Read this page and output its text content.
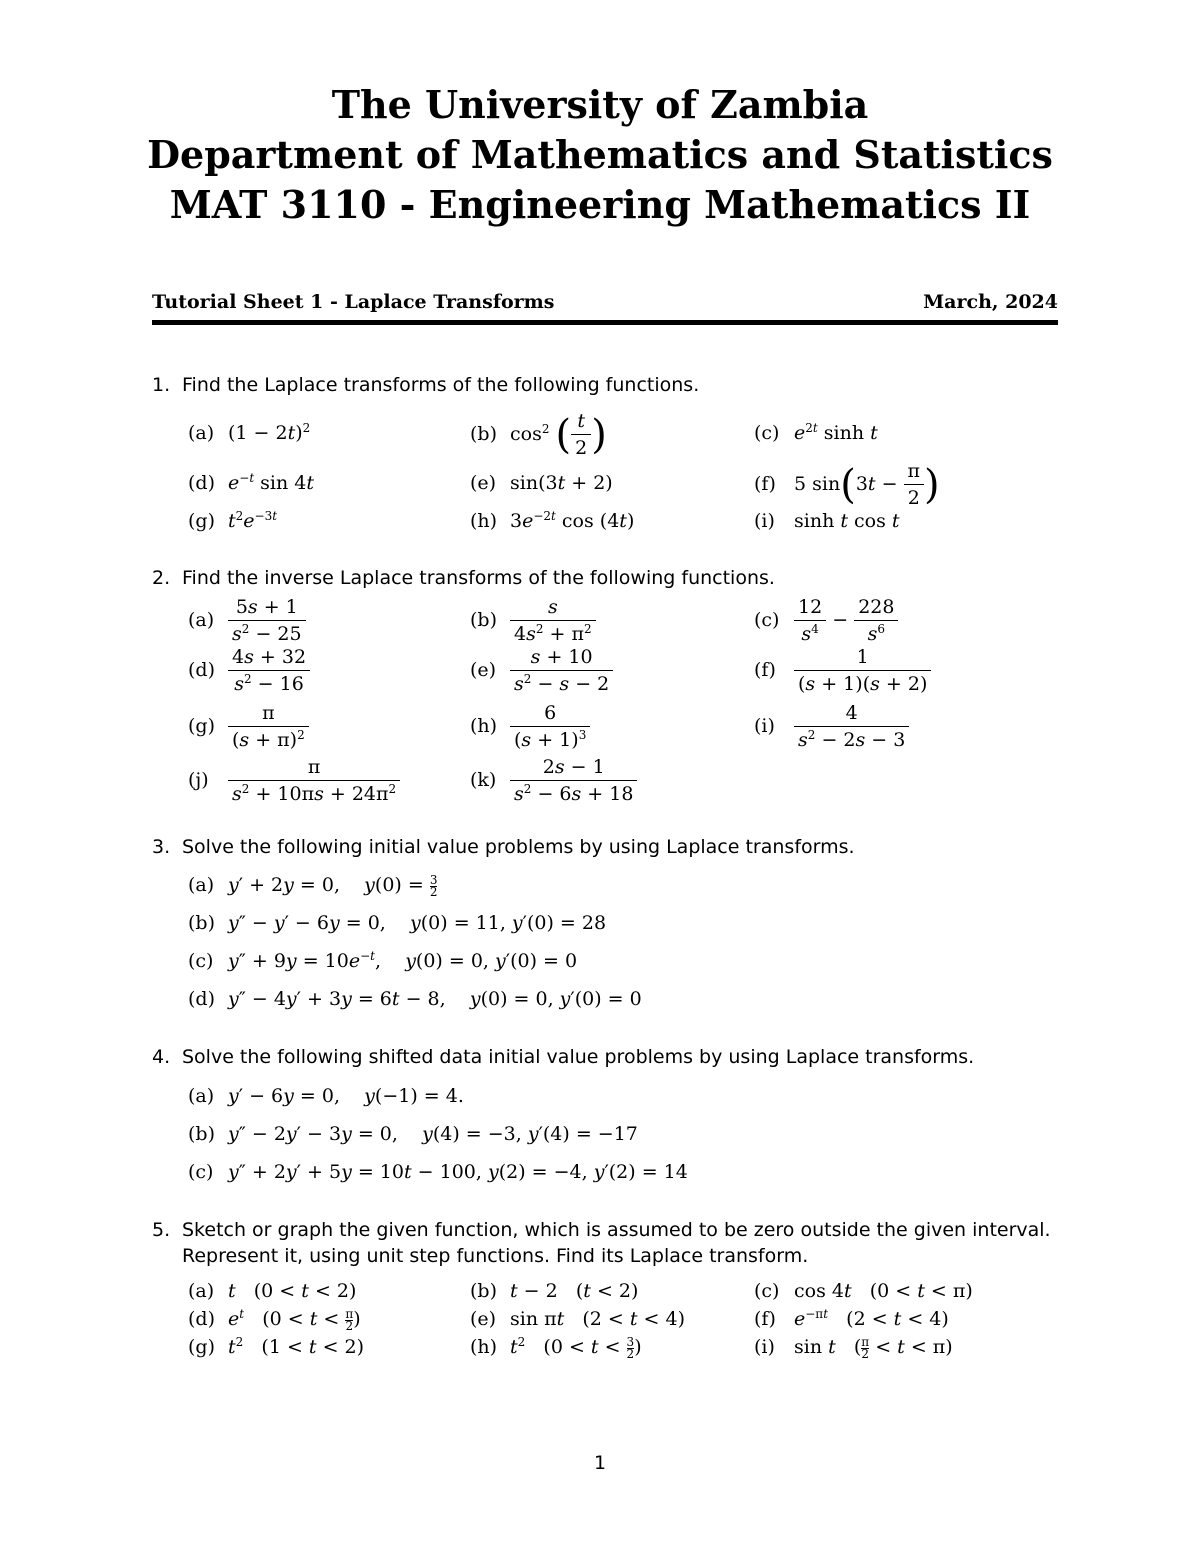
The University of Zambia
Department of Mathematics and Statistics
MAT 3110 - Engineering Mathematics II
Tutorial Sheet 1 - Laplace Transforms	March, 2024
1. Find the Laplace transforms of the following functions.
(a) $(1 - 2t)^2$	(b) $\cos^2$ ( $\frac{t}{2}$ )	(c) $e^{2t}$ sinh t
(d) $e^{-t}$ sin 4t	(e) sin(3t + 2)	(f) 5 $\sin(3t - \frac{\pi}{2}$ )
(g) $t^2e^{-3t}$	(h) $3e^{-2t}$ cos (4t)	(i) sinh t cos t
2. Find the inverse Laplace transforms of the following functions.
$(a) \frac{5s + 1}{s^2 - 25}$	$(b) \frac{s}{4s^2 + \pi^2}$	$(c) \frac{12}{s^4} - \frac{228}{s^6}$
$(d) \frac{4s + 32}{s^2 - 16}$	$(e) \frac{s + 10}{s^2 - s - 2}$	$(f) \frac{1}{(s + 1)(s + 2)}$
$(g) \frac{\pi}{(s + \pi)^2}$	$(h) \frac{6}{(s + 1)^3}$	$(i) \frac{4}{s^2 - 2s - 3}$
$(j) \frac{\pi}{s^2 + 10\pi s + 24\pi^2}$	$(k) \frac{2s - 1}{s^2 - 6s + 18}$
3. Solve the following initial value problems by using Laplace transforms.
(a) y′ + 2y = 0,    $y(0) = \frac{3}{2}$
(b) y″ − y′ − 6y = 0,    y(0) = 11, y′(0) = 28
(c) $y'' + 9y = 10e^{-t}$,    y(0) = 0, y′(0) = 0
(d) y″ − 4y′ + 3y = 6t − 8,    y(0) = 0, y′(0) = 0
4. Solve the following shifted data initial value problems by using Laplace transforms.
(a) y′ − 6y = 0,    y(−1) = 4.
(b) y″ − 2y′ − 3y = 0,    y(4) = −3, y′(4) = −17
(c) y″ + 2y′ + 5y = 10t − 100, y(2) = −4, y′(2) = 14
5. Sketch or graph the given function, which is assumed to be zero outside the given interval.
Represent it, using unit step functions. Find its Laplace transform.
(a) t   (0 < t < 2)	(b) t − 2   (t < 2)	(c) cos 4t   (0 < t < π)
(d) $e^t$   ($0 < t < \frac{\pi}{2}$ )	(e) sin πt   (2 < t < 4)	(f) $e^{-\pi t}$   (2 < t < 4)
(g) $t^2$   (1 < t < 2)	(h) $t^2$   ($0 < t < \frac{3}{2}$ )	(i) sin t   ( $\frac{\pi}{2} < t < \pi$)
1
